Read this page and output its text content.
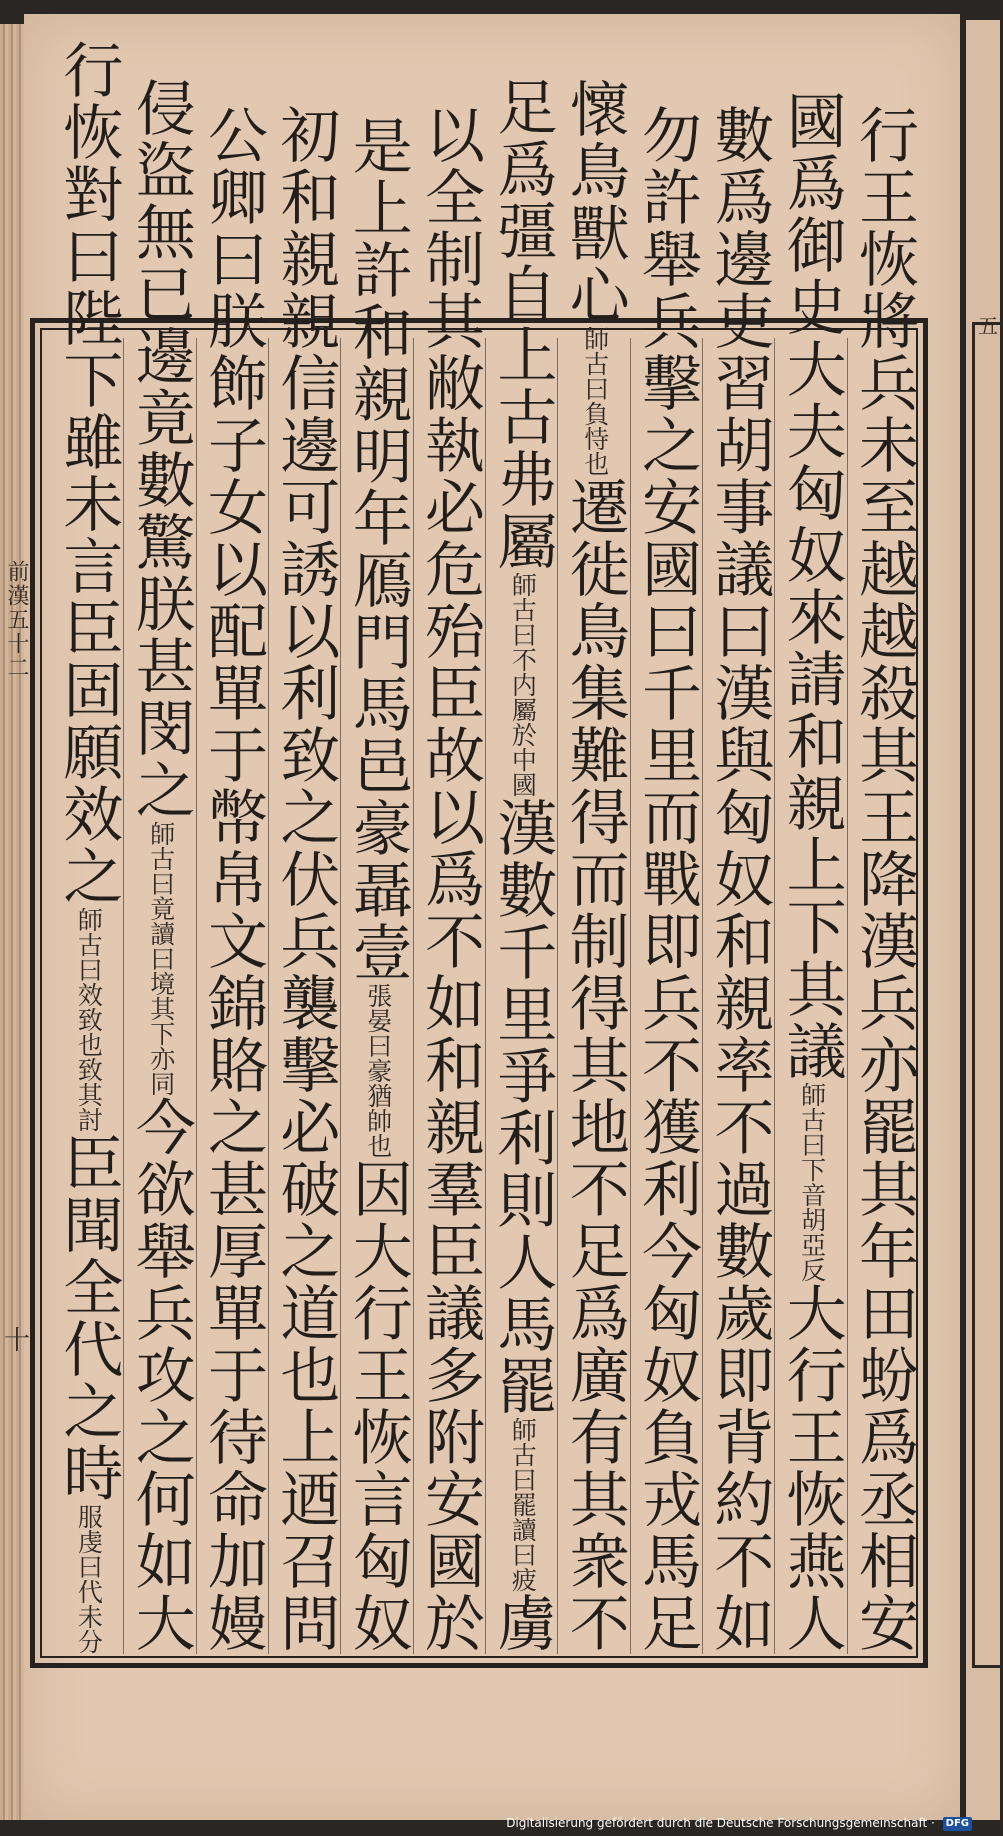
五
前漢五十二
十	行王恢將兵未至越越殺其王降漢兵亦罷其年田蚡爲丞相安
國爲御史大夫匈奴來請和親上下其議師古曰下音胡亞反大行王恢燕人
數爲邊吏習胡事議曰漢與匈奴和親率不過數歲即背約不如
勿許舉兵擊之安國曰千里而戰即兵不獲利今匈奴負戎馬足
懷鳥獸心師古曰負恃也遷徙鳥集難得而制得其地不足爲廣有其衆不
足爲彊自上古弗屬師古曰不内屬於中國漢數千里爭利則人馬罷師古曰罷讀曰疲虜
以全制其敝執必危殆臣故以爲不如和親羣臣議多附安國於
是上許和親明年鴈門馬邑豪聶壹張晏曰豪猶帥也因大行王恢言匈奴
初和親親信邊可誘以利致之伏兵襲擊必破之道也上迺召問
公卿曰朕飾子女以配單于幣帛文錦賂之甚厚單于待命加嫚
侵盜無已邊竟數驚朕甚閔之師古曰竟讀曰境其下亦同今欲舉兵攻之何如大
行恢對曰陛下雖未言臣固願效之師古曰效致也致其討臣聞全代之時服虔曰代未分
Digitalisierung gefördert durch die Deutsche Forschungsgemeinschaft · DFG
